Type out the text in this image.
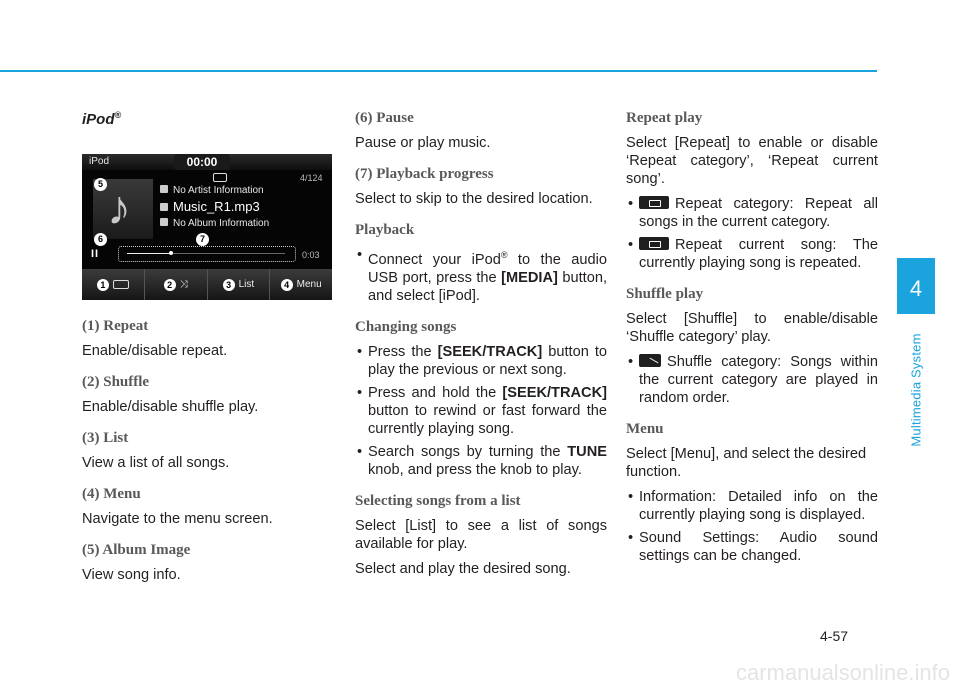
iPod®
iPod	00:00
4/124
♪	No Artist Information
Music_R1.mp3
No Album Information
II	0:03
1	2 ⤨	3 List	4 Menu
5
6	7
(1) Repeat

Enable/disable repeat.

(2) Shuffle

Enable/disable shuffle play.

(3) List

View a list of all songs.

(4) Menu

Navigate to the menu screen.

(5) Album Image

View song info.

(6) Pause

Pause or play music.

(7) Playback progress

Select to skip to the desired location.

Playback
• Connect your iPod® to the audio USB port, press the [MEDIA] button, and select [iPod].
Changing songs
• Press the [SEEK/TRACK] button to play the previous or next song.
• Press and hold the [SEEK/TRACK] button to rewind or fast forward the currently playing song.
• Search songs by turning the TUNE knob, and press the knob to play.
Selecting songs from a list

Select [List] to see a list of songs available for play.

Select and play the desired song.

Repeat play

Select [Repeat] to enable or disable ‘Repeat category’, ‘Repeat current song’.

• Repeat category: Repeat all songs in the current category.
• Repeat current song: The currently playing song is repeated.
Shuffle play

Select [Shuffle] to enable/disable ‘Shuffle category’ play.

• Shuffle category: Songs within the current category are played in random order.
Menu

Select [Menu], and select the desired function.

• Information: Detailed info on the currently playing song is displayed.
• Sound Settings: Audio sound settings can be changed.
4
Multimedia System
4-57
carmanualsonline.info
